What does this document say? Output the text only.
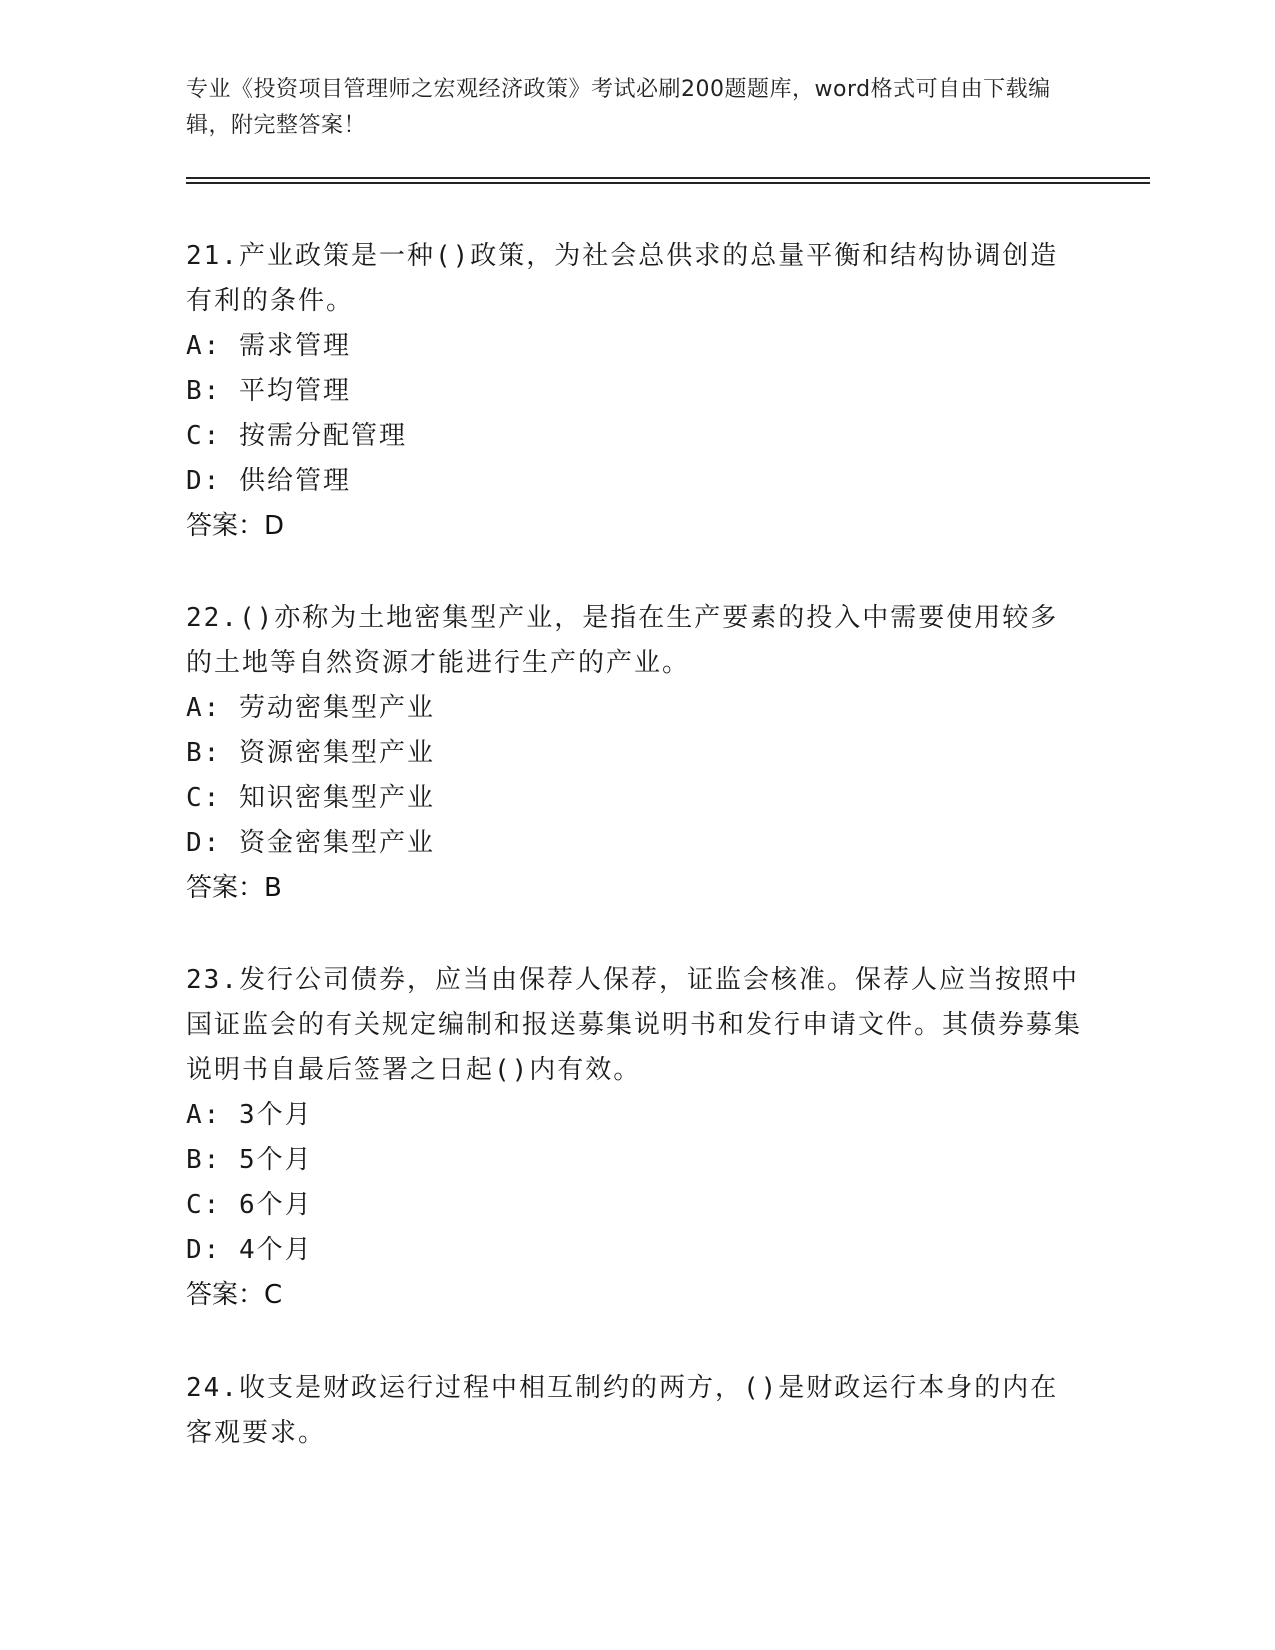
专业《投资项目管理师之宏观经济政策》考试必刷200题题库，word格式可自由下载编辑，附完整答案！

21.产业政策是一种()政策，为社会总供求的总量平衡和结构协调创造有利的条件。

A: 需求管理

B: 平均管理

C: 按需分配管理

D: 供给管理

答案：D

22.()亦称为土地密集型产业，是指在生产要素的投入中需要使用较多的土地等自然资源才能进行生产的产业。

A: 劳动密集型产业

B: 资源密集型产业

C: 知识密集型产业

D: 资金密集型产业

答案：B

23.发行公司债券，应当由保荐人保荐，证监会核准。保荐人应当按照中国证监会的有关规定编制和报送募集说明书和发行申请文件。其债券募集说明书自最后签署之日起()内有效。

A: 3个月

B: 5个月

C: 6个月

D: 4个月

答案：C

24.收支是财政运行过程中相互制约的两方，()是财政运行本身的内在客观要求。
